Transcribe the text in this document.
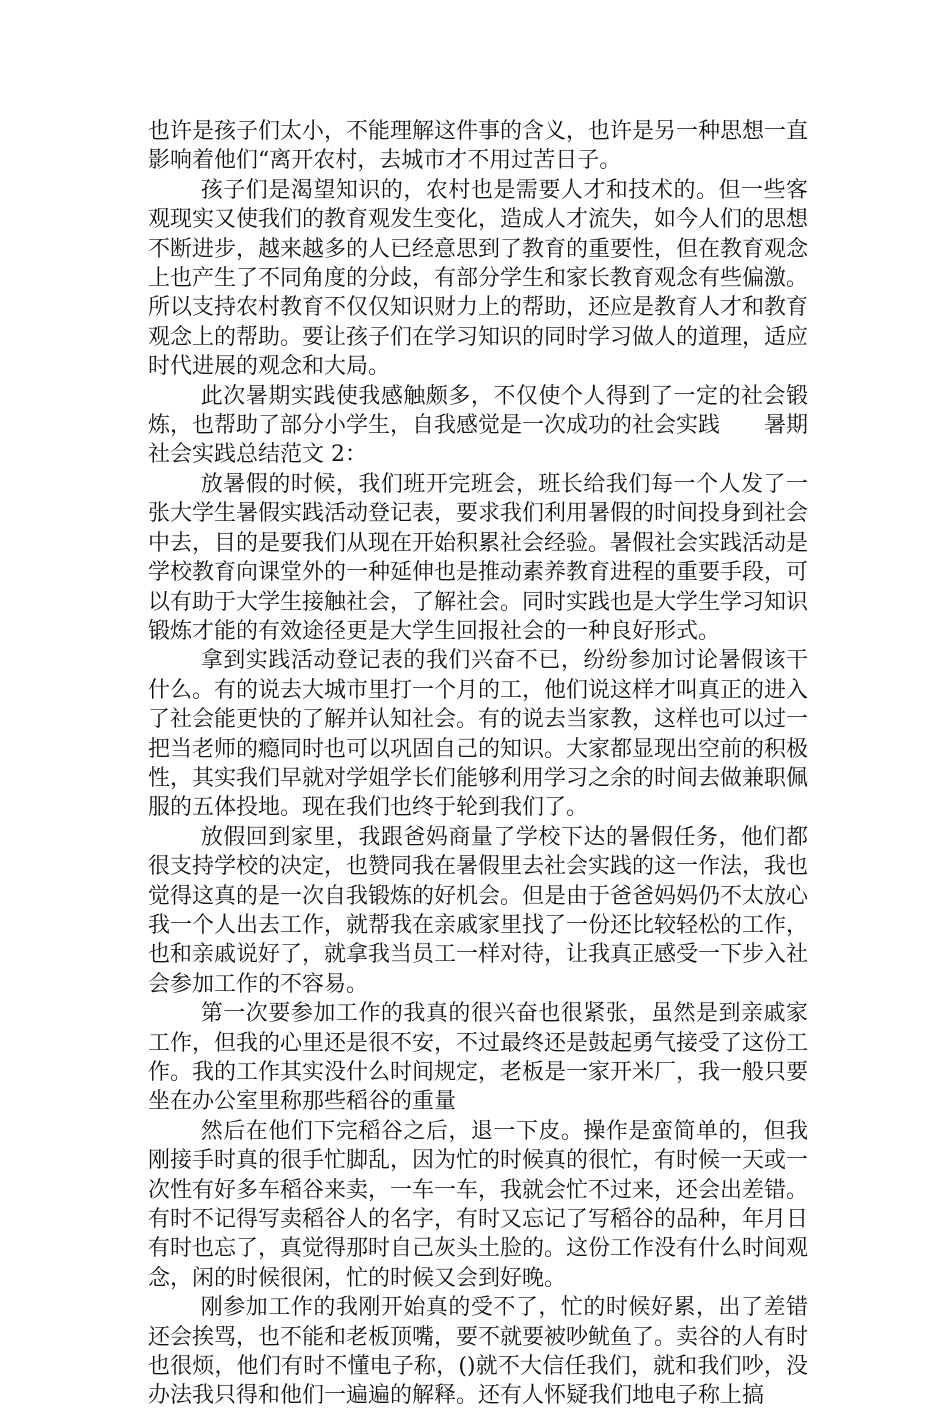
也许是孩子们太小，不能理解这件事的含义，也许是另一种思想一直影响着他们“离开农村，去城市才不用过苦日子。

孩子们是渴望知识的，农村也是需要人才和技术的。但一些客观现实又使我们的教育观发生变化，造成人才流失，如今人们的思想不断进步，越来越多的人已经意思到了教育的重要性，但在教育观念上也产生了不同角度的分歧，有部分学生和家长教育观念有些偏激。所以支持农村教育不仅仅知识财力上的帮助，还应是教育人才和教育观念上的帮助。要让孩子们在学习知识的同时学习做人的道理，适应时代进展的观念和大局。

此次暑期实践使我感触颇多，不仅使个人得到了一定的社会锻炼，也帮助了部分小学生，自我感觉是一次成功的社会实践　　暑期社会实践总结范文 2：

放暑假的时候，我们班开完班会，班长给我们每一个人发了一张大学生暑假实践活动登记表，要求我们利用暑假的时间投身到社会中去，目的是要我们从现在开始积累社会经验。暑假社会实践活动是学校教育向课堂外的一种延伸也是推动素养教育进程的重要手段，可以有助于大学生接触社会，了解社会。同时实践也是大学生学习知识锻炼才能的有效途径更是大学生回报社会的一种良好形式。

拿到实践活动登记表的我们兴奋不已，纷纷参加讨论暑假该干什么。有的说去大城市里打一个月的工，他们说这样才叫真正的进入了社会能更快的了解并认知社会。有的说去当家教，这样也可以过一把当老师的瘾同时也可以巩固自己的知识。大家都显现出空前的积极性，其实我们早就对学姐学长们能够利用学习之余的时间去做兼职佩服的五体投地。现在我们也终于轮到我们了。

放假回到家里，我跟爸妈商量了学校下达的暑假任务，他们都很支持学校的决定，也赞同我在暑假里去社会实践的这一作法，我也觉得这真的是一次自我锻炼的好机会。但是由于爸爸妈妈仍不太放心我一个人出去工作，就帮我在亲戚家里找了一份还比较轻松的工作，也和亲戚说好了，就拿我当员工一样对待，让我真正感受一下步入社会参加工作的不容易。

第一次要参加工作的我真的很兴奋也很紧张，虽然是到亲戚家工作，但我的心里还是很不安，不过最终还是鼓起勇气接受了这份工作。我的工作其实没什么时间规定，老板是一家开米厂，我一般只要坐在办公室里称那些稻谷的重量

然后在他们下完稻谷之后，退一下皮。操作是蛮简单的，但我刚接手时真的很手忙脚乱，因为忙的时候真的很忙，有时候一天或一次性有好多车稻谷来卖，一车一车，我就会忙不过来，还会出差错。有时不记得写卖稻谷人的名字，有时又忘记了写稻谷的品种，年月日有时也忘了，真觉得那时自己灰头土脸的。这份工作没有什么时间观念，闲的时候很闲，忙的时候又会到好晚。

刚参加工作的我刚开始真的受不了，忙的时候好累，出了差错还会挨骂，也不能和老板顶嘴，要不就要被吵鱿鱼了。卖谷的人有时也很烦，他们有时不懂电子称，()就不大信任我们，就和我们吵，没办法我只得和他们一遍遍的解释。还有人怀疑我们地电子称上搞
